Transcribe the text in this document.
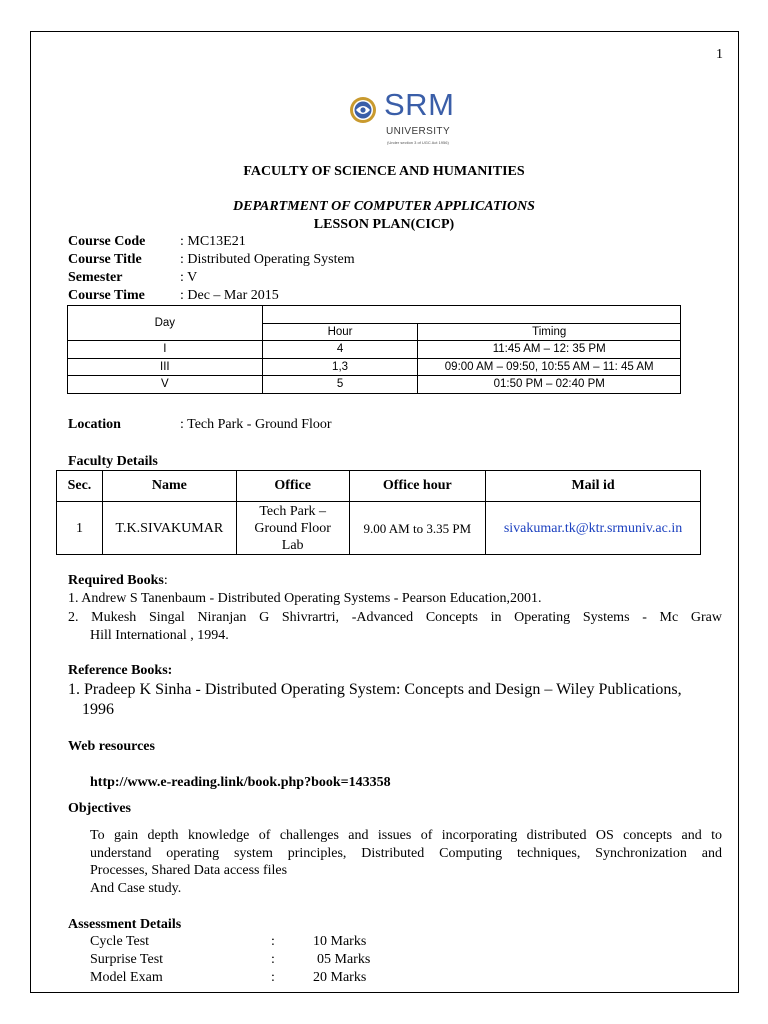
1
SRM
UNIVERSITY
(Under section 3 of UGC Act 1956)
FACULTY OF SCIENCE AND HUMANITIES
DEPARTMENT OF COMPUTER APPLICATIONS
LESSON PLAN(CICP)
Course Code : MC13E21
Course Title	: Distributed Operating System
Semester	: V
Course Time	: Dec – Mar 2015
Day		
	Hour	Timing
I	4	11:45 AM – 12: 35 PM
III	1,3	09:00 AM – 09:50, 10:55 AM – 11: 45 AM
V	5	01:50 PM – 02:40 PM
Location	: Tech Park - Ground Floor
Faculty Details
Sec.	Name	Office	Office hour	Mail id
1	T.K.SIVAKUMAR	Tech Park –
Ground Floor
Lab	9.00 AM to 3.35 PM	sivakumar.tk@ktr.srmuniv.ac.in
Required Books:
1. Andrew S Tanenbaum - Distributed Operating Systems - Pearson Education,2001.
2. Mukesh Singal Niranjan G Shivrartri, -Advanced Concepts in Operating Systems - Mc Graw
Hill International , 1994.
Reference Books:
1. Pradeep K Sinha - Distributed Operating System: Concepts and Design – Wiley Publications,
1996
Web resources
http://www.e-reading.link/book.php?book=143358
Objectives
To gain depth knowledge of challenges and issues of incorporating distributed OS concepts and to
understand operating system principles, Distributed Computing techniques, Synchronization and
Processes, Shared Data access files
And Case study.
Assessment Details
Cycle Test	:	10 Marks
Surprise Test	:	05 Marks
Model Exam	:	20 Marks
